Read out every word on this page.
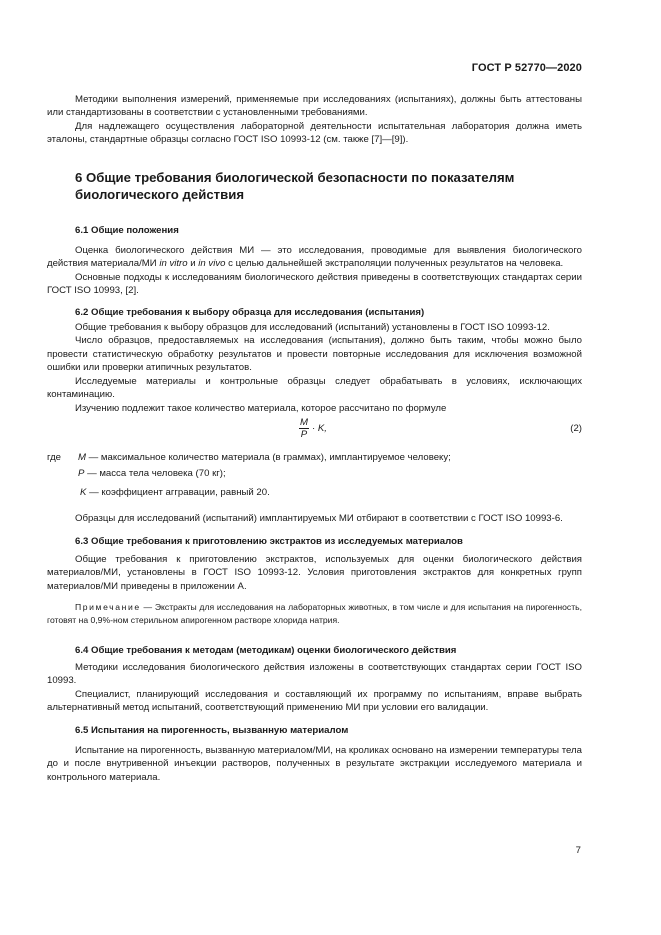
ГОСТ Р 52770—2020

Методики выполнения измерений, применяемые при исследованиях (испытаниях), должны быть аттестованы или стандартизованы в соответствии с установленными требованиями.

Для надлежащего осуществления лабораторной деятельности испытательная лаборатория должна иметь эталоны, стандартные образцы согласно ГОСТ ISO 10993-12 (см. также [7]—[9]).

6 Общие требования биологической безопасности по показателям биологического действия
6.1 Общие положения

Оценка биологического действия МИ — это исследования, проводимые для выявления биологического действия материала/МИ in vitro и in vivo с целью дальнейшей экстраполяции полученных результатов на человека.

Основные подходы к исследованиям биологического действия приведены в соответствующих стандартах серии ГОСТ ISO 10993, [2].

6.2 Общие требования к выбору образца для исследования (испытания)

Общие требования к выбору образцов для исследований (испытаний) установлены в ГОСТ ISO 10993-12.

Число образцов, предоставляемых на исследования (испытания), должно быть таким, чтобы можно было провести статистическую обработку результатов и провести повторные исследования для исключения возможной ошибки или проверки атипичных результатов.

Исследуемые материалы и контрольные образцы следует обрабатывать в условиях, исключающих контаминацию.

Изучению подлежит такое количество материала, которое рассчитано по формуле

$\frac{M}{P} \cdot K$,	(2)
где	M — максимальное количество материала (в граммах), имплантируемое человеку;
P — масса тела человека (70 кг);
K — коэффициент аггравации, равный 20.

Образцы для исследований (испытаний) имплантируемых МИ отбирают в соответствии с ГОСТ ISO 10993-6.

6.3 Общие требования к приготовлению экстрактов из исследуемых материалов

Общие требования к приготовлению экстрактов, используемых для оценки биологического действия материалов/МИ, установлены в ГОСТ ISO 10993-12. Условия приготовления экстрактов для конкретных групп материалов/МИ приведены в приложении А.

Примечание — Экстракты для исследования на лабораторных животных, в том числе и для испытания на пирогенность, готовят на 0,9%-ном стерильном апирогенном растворе хлорида натрия.
6.4 Общие требования к методам (методикам) оценки биологического действия

Методики исследования биологического действия изложены в соответствующих стандартах серии ГОСТ ISO 10993.

Специалист, планирующий исследования и составляющий их программу по испытаниям, вправе выбрать альтернативный метод испытаний, соответствующий применению МИ при условии его валидации.

6.5 Испытания на пирогенность, вызванную материалом

Испытание на пирогенность, вызванную материалом/МИ, на кроликах основано на измерении температуры тела до и после внутривенной инъекции растворов, полученных в результате экстракции исследуемого материала и контрольного материала.

7
